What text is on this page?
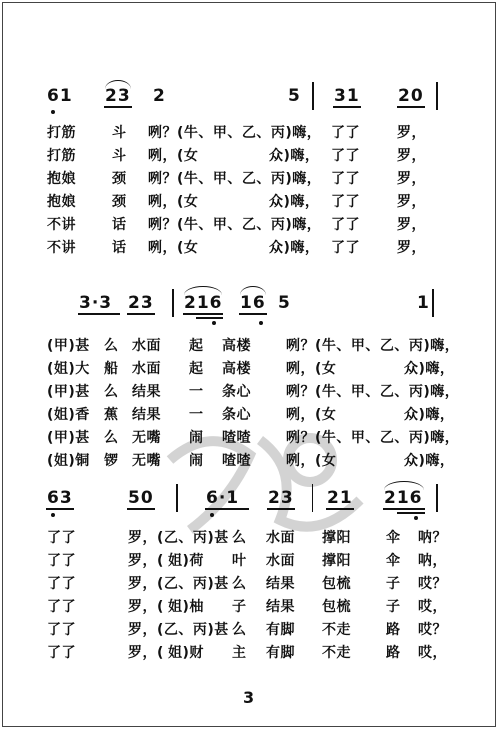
61 23 2	5 31 20
打筋	斗 咧？(牛、甲、乙、丙)嗨， 了了	罗，
打筋	斗 咧，(女	众)嗨， 了了	罗，
抱娘	颈 咧？(牛、甲、乙、丙)嗨， 了了	罗，
抱娘	颈 咧，(女	众)嗨， 了了	罗，
不讲	话 咧？(牛、甲、乙、丙)嗨， 了了	罗，
不讲	话 咧，(女	众)嗨， 了了	罗，
3·3 23 216 16 5	1
(甲)甚 么 水面 起 高楼	咧？(牛、甲、乙、丙)嗨，
(姐)大 船 水面 起 高楼	咧，(女	众)嗨，
(甲)甚 么 结果 一 条心	咧？(牛、甲、乙、丙)嗨，
(姐)香 蕉 结果 一 条心	咧，(女	众)嗨，
(甲)甚 么 无嘴 闹 喳喳	咧？(牛、甲、乙、丙)嗨，
(姐)铜 锣 无嘴 闹 喳喳	咧，(女	众)嗨，
63	50	6·1 23 21 216
了了	罗，(乙、丙)甚 么 水面 撑阳	伞 呐？
了了	罗，( 姐)荷 叶 水面 撑阳	伞 呐，
了了	罗，(乙、丙)甚 么 结果 包梳	子 哎？
了了	罗，( 姐)柚 子 结果 包梳	子 哎，
了了	罗，(乙、丙)甚 么 有脚 不走	路 哎？
了了	罗，( 姐)财 主 有脚 不走	路 哎，
3
